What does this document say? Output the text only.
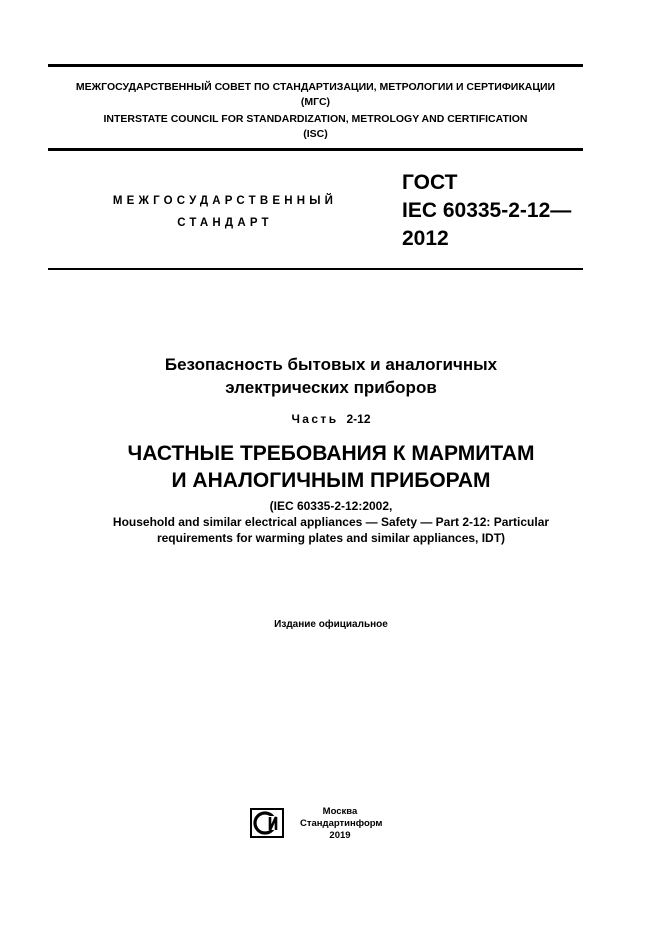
МЕЖГОСУДАРСТВЕННЫЙ СОВЕТ ПО СТАНДАРТИЗАЦИИ, МЕТРОЛОГИИ И СЕРТИФИКАЦИИ
(МГС)
INTERSTATE COUNCIL FOR STANDARDIZATION, METROLOGY AND CERTIFICATION
(ISC)
МЕЖГОСУДАРСТВЕННЫЙ
СТАНДАРТ
ГОСТ
IEC 60335-2-12—
2012
Безопасность бытовых и аналогичных
электрических приборов
Часть 2-12
ЧАСТНЫЕ ТРЕБОВАНИЯ К МАРМИТАМ
И АНАЛОГИЧНЫМ ПРИБОРАМ
(IEC 60335-2-12:2002,
Household and similar electrical appliances — Safety — Part 2-12: Particular
requirements for warming plates and similar appliances, IDT)
Издание официальное
Москва
Стандартинформ
2019
